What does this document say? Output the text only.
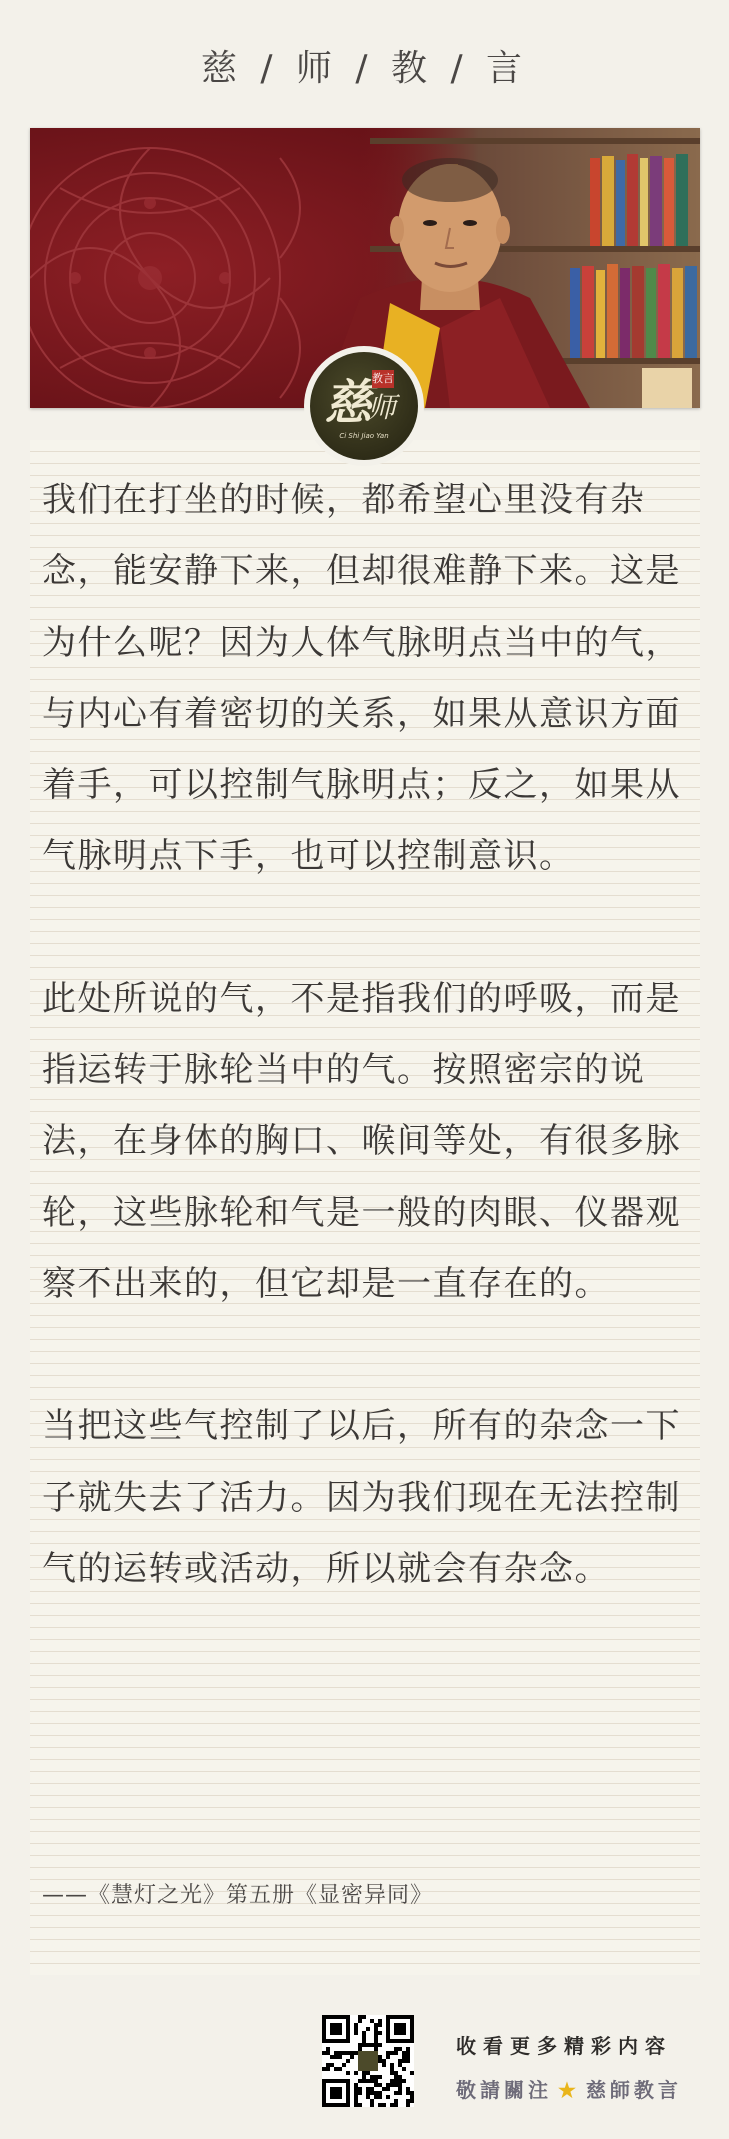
慈 / 师 / 教 / 言
慈 教言
师
Ci Shi Jiao Yan

我们在打坐的时候，都希望心里没有杂念，能安静下来，但却很难静下来。这是为什么呢？因为人体气脉明点当中的气，与内心有着密切的关系，如果从意识方面着手，可以控制气脉明点；反之，如果从气脉明点下手，也可以控制意识。

此处所说的气，不是指我们的呼吸，而是指运转于脉轮当中的气。按照密宗的说法，在身体的胸口、喉间等处，有很多脉轮，这些脉轮和气是一般的肉眼、仪器观察不出来的，但它却是一直存在的。

当把这些气控制了以后，所有的杂念一下子就失去了活力。因为我们现在无法控制气的运转或活动，所以就会有杂念。

——《慧灯之光》第五册《显密异同》
收看更多精彩内容
敬請關注 ★ 慈師教言
